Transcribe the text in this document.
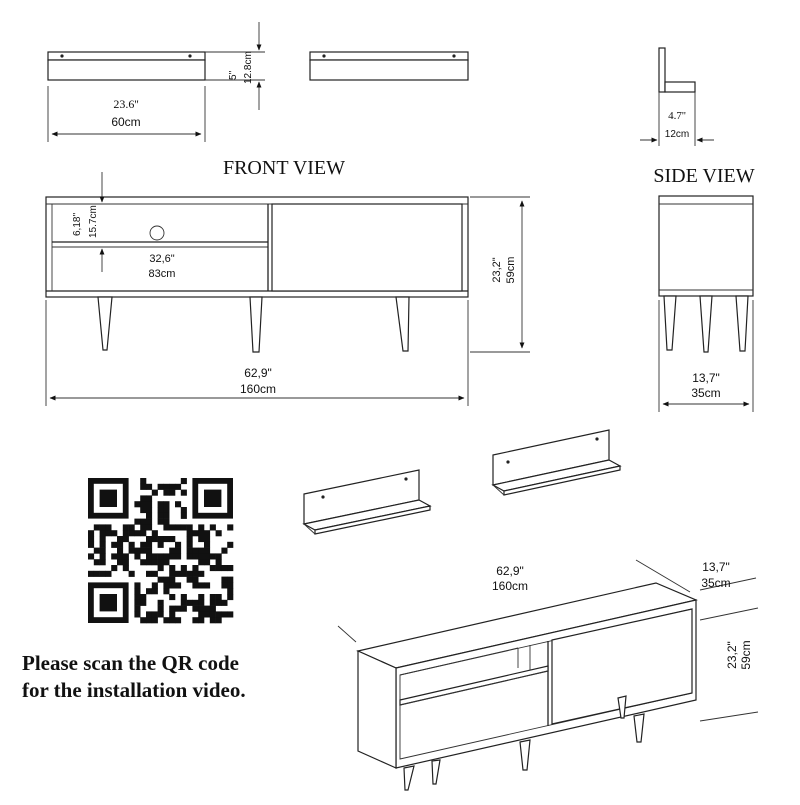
5'' 12.8cm
23.6''
60cm	4.7''
12cm
FRONT VIEW	SIDE VIEW
6,18'' 15.7cm
32,6"
83cm	23,2" 59cm
62,9"
160cm
13,7"
35cm
62,9"
160cm
13,7"
35cm
23,2" 59cm
Please scan the QR code
for the installation video.
